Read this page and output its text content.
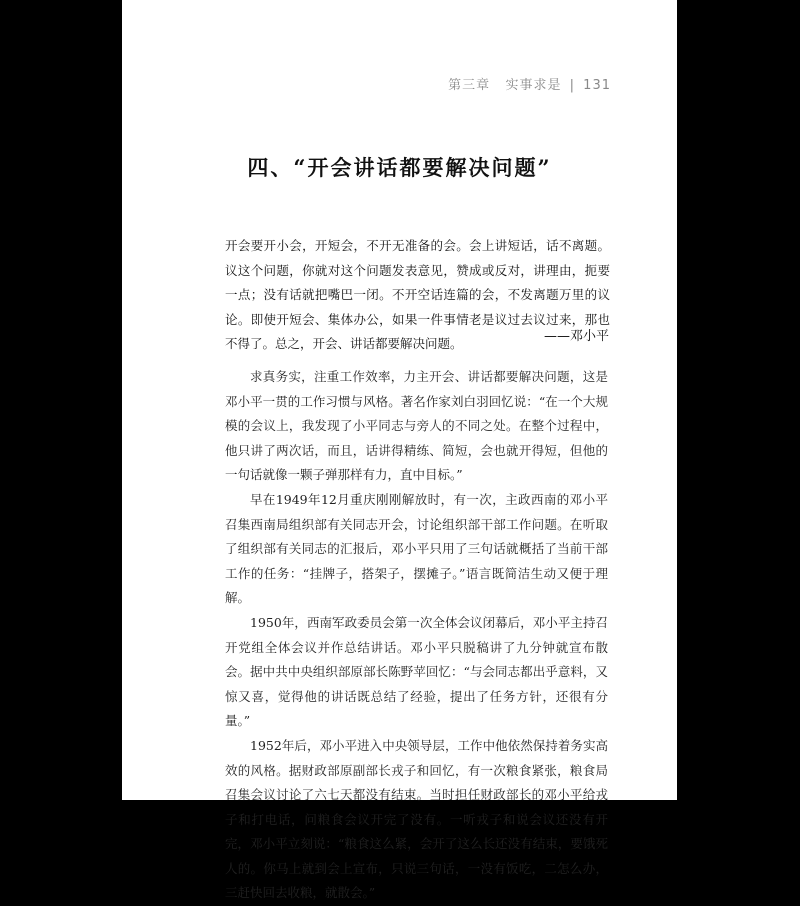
第三章 实事求是 | 131
四、“开会讲话都要解决问题”

开会要开小会，开短会，不开无准备的会。会上讲短话，话不离题。议这个问题，你就对这个问题发表意见，赞成或反对，讲理由，扼要一点；没有话就把嘴巴一闭。不开空话连篇的会，不发离题万里的议论。即使开短会、集体办公，如果一件事情老是议过去议过来，那也不得了。总之，开会、讲话都要解决问题。	——邓小平

求真务实，注重工作效率，力主开会、讲话都要解决问题，这是邓小平一贯的工作习惯与风格。著名作家刘白羽回忆说：“在一个大规模的会议上，我发现了小平同志与旁人的不同之处。在整个过程中，他只讲了两次话，而且，话讲得精练、简短，会也就开得短，但他的一句话就像一颗子弹那样有力，直中目标。”

早在1949年12月重庆刚刚解放时，有一次，主政西南的邓小平召集西南局组织部有关同志开会，讨论组织部干部工作问题。在听取了组织部有关同志的汇报后，邓小平只用了三句话就概括了当前干部工作的任务：“挂牌子，搭架子，摆摊子。”语言既简洁生动又便于理解。

1950年，西南军政委员会第一次全体会议闭幕后，邓小平主持召开党组全体会议并作总结讲话。邓小平只脱稿讲了九分钟就宣布散会。据中共中央组织部原部长陈野苹回忆：“与会同志都出乎意料，又惊又喜，觉得他的讲话既总结了经验，提出了任务方针，还很有分量。”

1952年后，邓小平进入中央领导层，工作中他依然保持着务实高效的风格。据财政部原副部长戎子和回忆，有一次粮食紧张，粮食局召集会议讨论了六七天都没有结束。当时担任财政部长的邓小平给戎子和打电话，问粮食会议开完了没有。一听戎子和说会议还没有开完，邓小平立刻说：“粮食这么紧，会开了这么长还没有结束，要饿死人的。你马上就到会上宣布，只说三句话，一没有饭吃，二怎么办，三赶快回去收粮，就散会。”
